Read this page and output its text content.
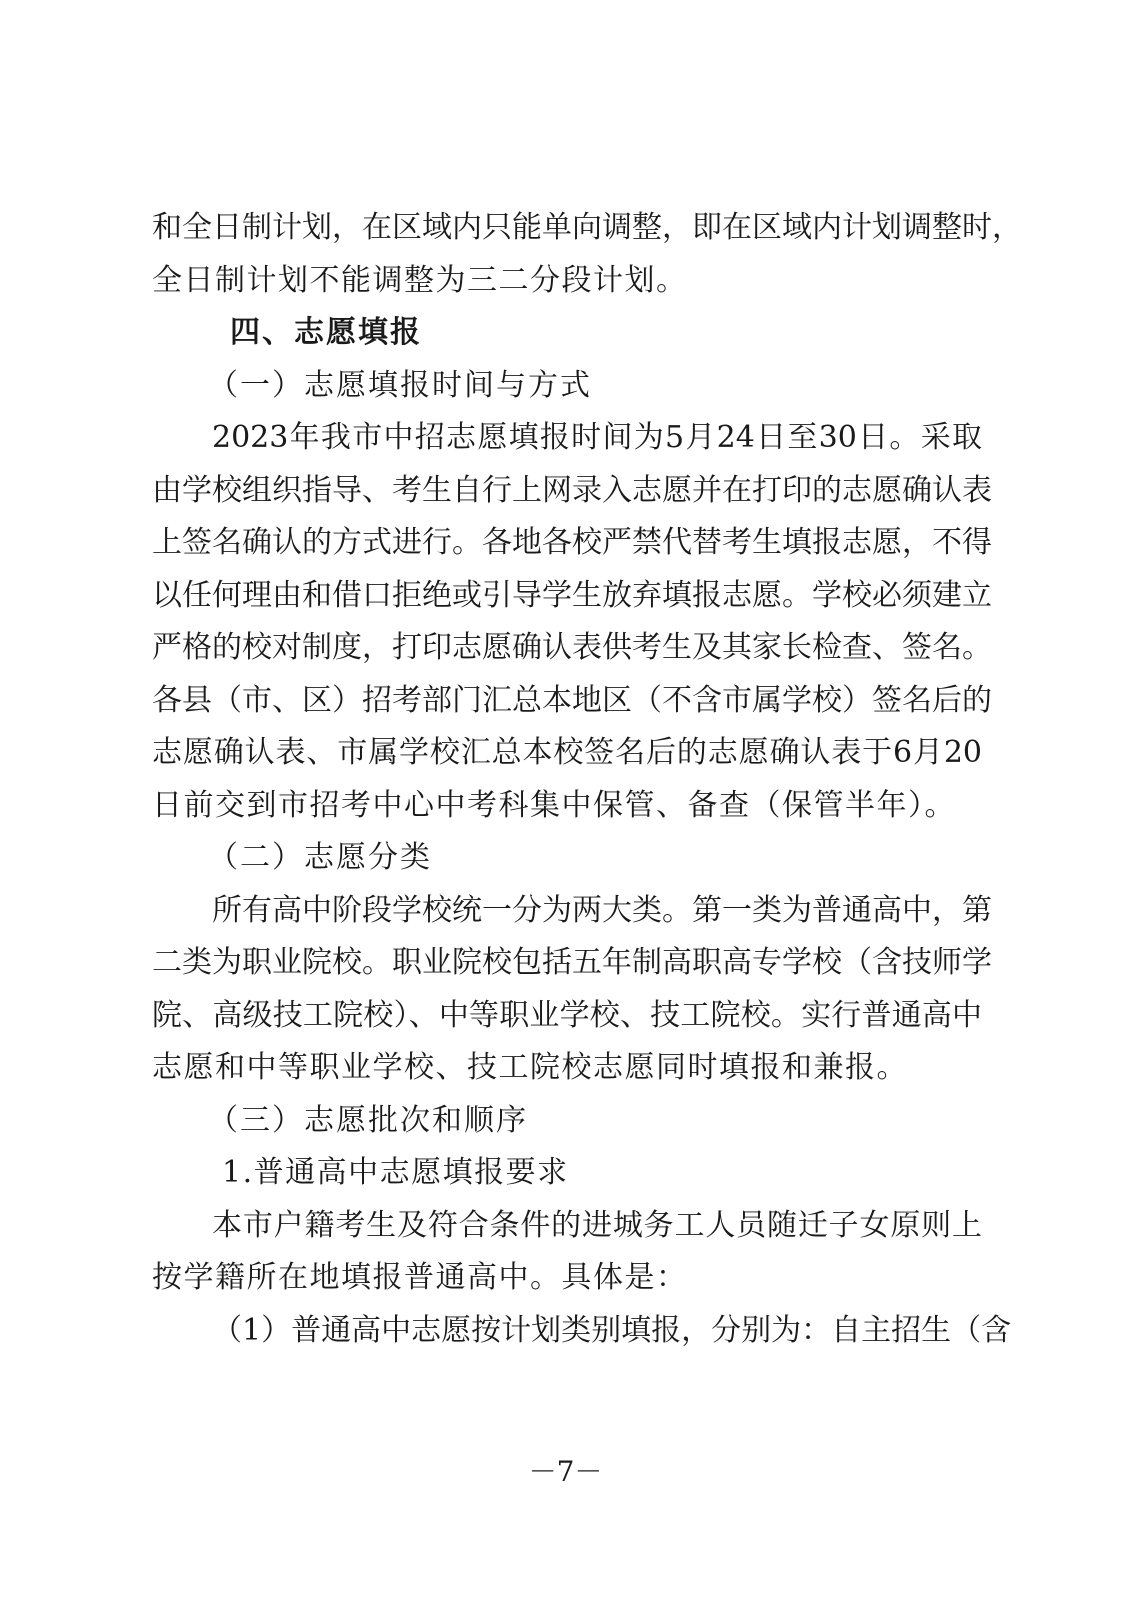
和全日制计划，在区域内只能单向调整，即在区域内计划调整时，
全日制计划不能调整为三二分段计划。
四、志愿填报
（一）志愿填报时间与方式
2023年我市中招志愿填报时间为5月24日至30日。采取
由学校组织指导、考生自行上网录入志愿并在打印的志愿确认表
上签名确认的方式进行。各地各校严禁代替考生填报志愿，不得
以任何理由和借口拒绝或引导学生放弃填报志愿。学校必须建立
严格的校对制度，打印志愿确认表供考生及其家长检查、签名。
各县（市、区）招考部门汇总本地区（不含市属学校）签名后的
志愿确认表、市属学校汇总本校签名后的志愿确认表于6月20
日前交到市招考中心中考科集中保管、备查（保管半年）。
（二）志愿分类
所有高中阶段学校统一分为两大类。第一类为普通高中，第
二类为职业院校。职业院校包括五年制高职高专学校（含技师学
院、高级技工院校）、中等职业学校、技工院校。实行普通高中
志愿和中等职业学校、技工院校志愿同时填报和兼报。
（三）志愿批次和顺序
1.普通高中志愿填报要求
本市户籍考生及符合条件的进城务工人员随迁子女原则上
按学籍所在地填报普通高中。具体是：
（1）普通高中志愿按计划类别填报，分别为：自主招生（含
－7－
